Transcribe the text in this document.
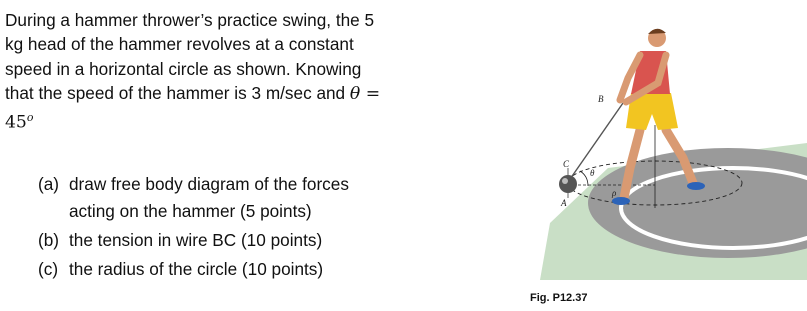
During a hammer thrower’s practice swing, the 5
kg head of the hammer revolves at a constant
speed in a horizontal circle as shown. Knowing
that the speed of the hammer is 3 m/sec and θ =
$45^o$

(a) draw free body diagram of the forces
acting on the hammer (5 points)
(b) the tension in wire BC (10 points)
(c) the radius of the circle (10 points)
B
C
A
θ
ρ
Fig. P12.37
